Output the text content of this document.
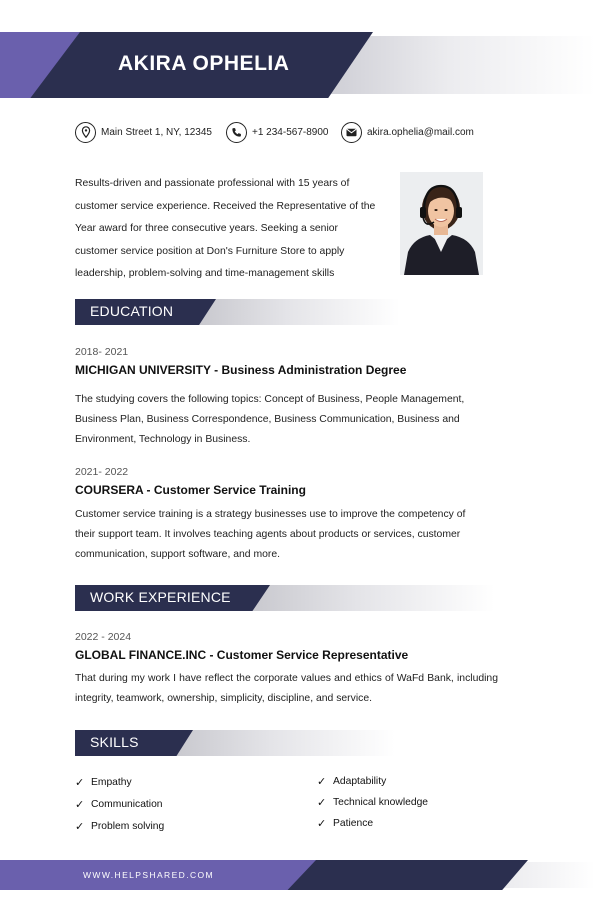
AKIRA OPHELIA
Main Street 1, NY, 12345	+1 234-567-8900	akira.ophelia@mail.com
Results-driven and passionate professional with 15 years of
customer service experience. Received the Representative of the
Year award for three consecutive years. Seeking a senior
customer service position at Don's Furniture Store to apply
leadership, problem-solving and time-management skills
EDUCATION
2018- 2021
MICHIGAN UNIVERSITY - Business Administration Degree
The studying covers the following topics: Concept of Business, People Management,
Business Plan, Business Correspondence, Business Communication, Business and
Environment, Technology in Business.
2021- 2022
COURSERA - Customer Service Training
Customer service training is a strategy businesses use to improve the competency of
their support team. It involves teaching agents about products or services, customer
communication, support software, and more.
WORK EXPERIENCE
2022 - 2024
GLOBAL FINANCE.INC - Customer Service Representative
That during my work I have reflect the corporate values and ethics of WaFd Bank, including integrity, teamwork, ownership, simplicity, discipline, and service.
SKILLS
✓ Empathy
✓ Communication
✓ Problem solving
✓ Adaptability
✓ Technical knowledge
✓ Patience
WWW.HELPSHARED.COM
